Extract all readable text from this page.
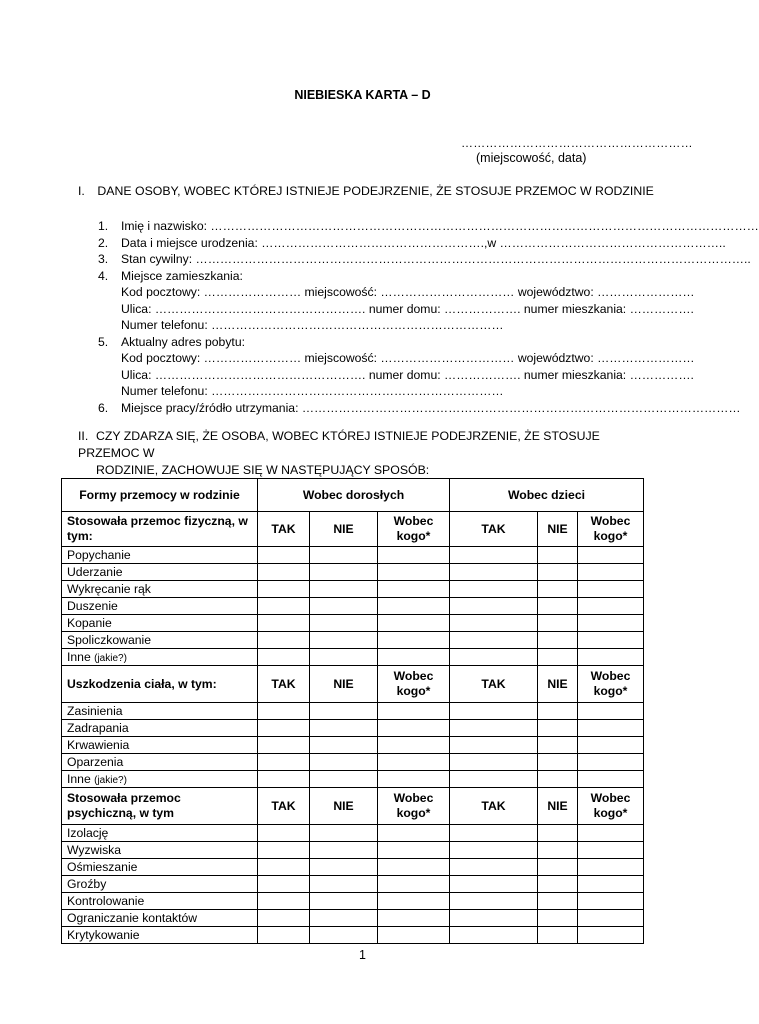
NIEBIESKA KARTA – D
…………………………………………………
(miejscowość, data)
I. DANE OSOBY, WOBEC KTÓREJ ISTNIEJE PODEJRZENIE, ŻE STOSUJE PRZEMOC W RODZINIE
1. Imię i nazwisko: ………………………………………………………………………………………………………………………
2. Data i miejsce urodzenia: ……………………………………………….,w ………………………………………………..
3. Stan cywilny: ………………………………………………………………………………………………………………………..
4. Miejsce zamieszkania:
Kod pocztowy: …………………… miejscowość: …………………………… województwo: ……………………
Ulica: ……………………………………………. numer domu: ………………. numer mieszkania: …………….
Numer telefonu: ………………………………………………………………
5. Aktualny adres pobytu:
Kod pocztowy: …………………… miejscowość: …………………………… województwo: ……………………
Ulica: ……………………………………………. numer domu: ………………. numer mieszkania: …………….
Numer telefonu: ………………………………………………………………
6. Miejsce pracy/źródło utrzymania: ………………………………………………………………………………………………
II. CZY ZDARZA SIĘ, ŻE OSOBA, WOBEC KTÓREJ ISTNIEJE PODEJRZENIE, ŻE STOSUJE PRZEMOC W
RODZINIE, ZACHOWUJE SIĘ W NASTĘPUJĄCY SPOSÓB:
Formy przemocy w rodzinie	Wobec dorosłych			Wobec dzieci		
Stosowała przemoc fizyczną, w tym:	TAK	NIE	Wobec kogo*	TAK	NIE	Wobec kogo*
Popychanie						
Uderzanie						
Wykręcanie rąk						
Duszenie						
Kopanie						
Spoliczkowanie						
Inne (jakie?)						
Uszkodzenia ciała, w tym:	TAK	NIE	Wobec kogo*	TAK	NIE	Wobec kogo*
Zasinienia						
Zadrapania						
Krwawienia						
Oparzenia						
Inne (jakie?)						
Stosowała przemoc psychiczną, w tym	TAK	NIE	Wobec kogo*	TAK	NIE	Wobec kogo*
Izolację						
Wyzwiska						
Ośmieszanie						
Groźby						
Kontrolowanie						
Ograniczanie kontaktów						
Krytykowanie						
1
